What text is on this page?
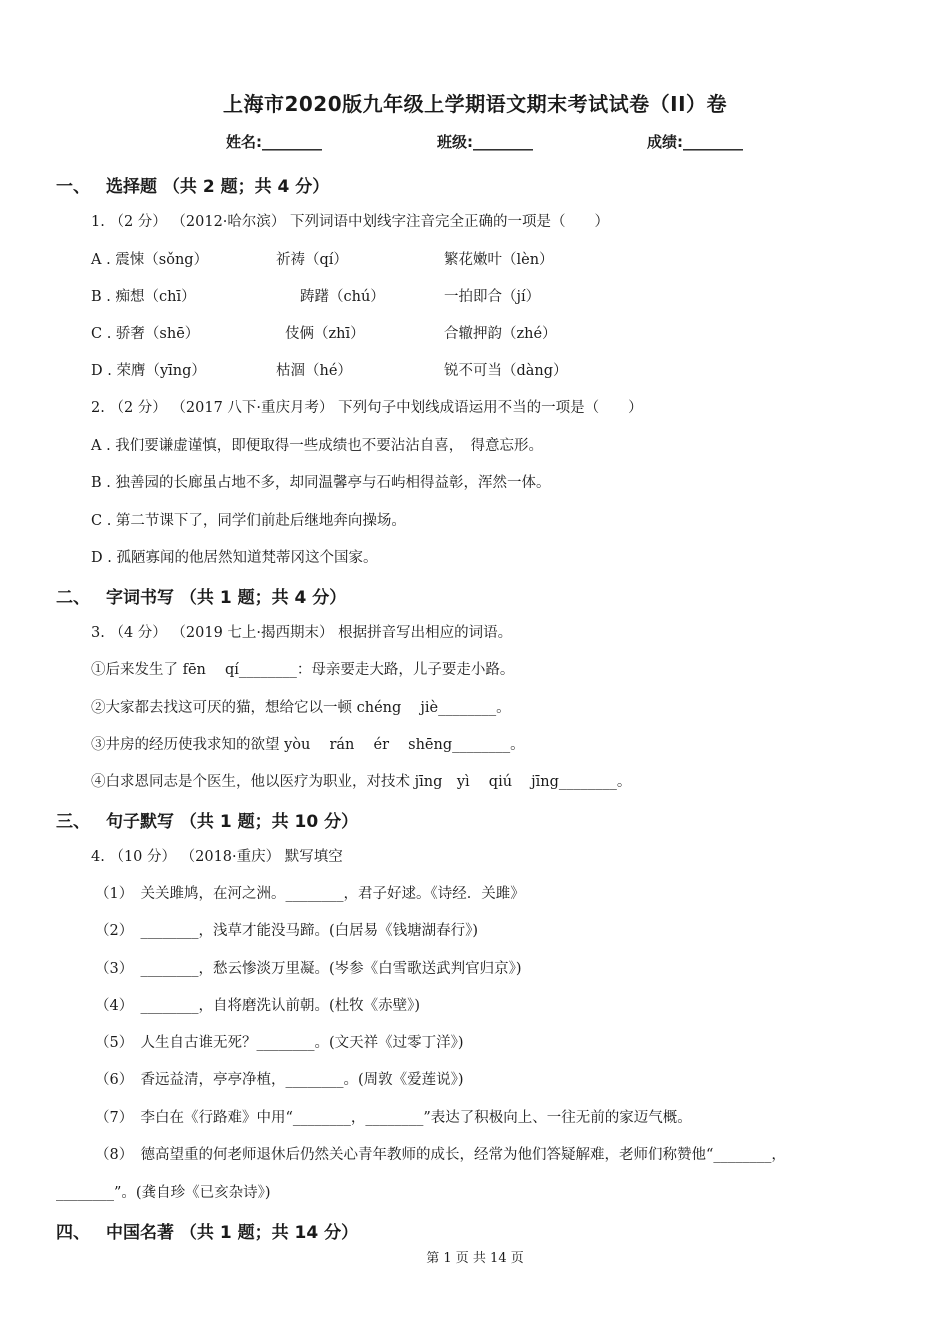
上海市2020版九年级上学期语文期末考试试卷（II）卷
姓名:________	班级:________	成绩:________
一、 选择题 （共 2 题；共 4 分）
1. （2 分） （2012·哈尔滨） 下列词语中划线字注音完全正确的一项是（　　）
A . 震悚（sǒng）	祈祷（qí）	繁花嫩叶（lèn）
B . 痴想（chī）	踌躇（chú）	一拍即合（jí）
C . 骄奢（shē）	伎俩（zhī）	合辙押韵（zhé）
D . 荣膺（yīng）	枯涸（hé）	锐不可当（dàng）
2. （2 分） （2017 八下·重庆月考） 下列句子中划线成语运用不当的一项是（　　）
A . 我们要谦虚谨慎，即便取得一些成绩也不要沾沾自喜，　得意忘形。
B . 独善园的长廊虽占地不多，却同温馨亭与石屿相得益彰，浑然一体。
C . 第二节课下了，同学们前赴后继地奔向操场。
D . 孤陋寡闻的他居然知道梵蒂冈这个国家。
二、 字词书写 （共 1 题；共 4 分）
3. （4 分） （2019 七上·揭西期末） 根据拼音写出相应的词语。
①后来发生了 fēn　 qí________：母亲要走大路，儿子要走小路。
②大家都去找这可厌的猫，想给它以一顿 chéng　 jiè________。
③井房的经历使我求知的欲望 yòu　 rán　 ér　 shēng________。
④白求恩同志是个医生，他以医疗为职业，对技术 jīng　yì　 qiú　 jīng________。
三、 句子默写 （共 1 题；共 10 分）
4. （10 分） （2018·重庆） 默写填空
（1）　关关雎鸠，在河之洲。________，君子好逑。《诗经．关雎》
（2）　________，浅草才能没马蹄。(白居易《钱塘湖春行》)
（3）　________，愁云惨淡万里凝。(岑参《白雪歌送武判官归京》)
（4）　________，自将磨洗认前朝。(杜牧《赤壁》)
（5）　人生自古谁无死？________。(文天祥《过零丁洋》)
（6）　香远益清，亭亭净植，________。(周敦《爱莲说》)
（7）　李白在《行路难》中用“________，________”表达了积极向上、一往无前的家迈气概。
（8）　德高望重的何老师退休后仍然关心青年教师的成长，经常为他们答疑解难，老师们称赞他“________，
________”。(龚自珍《已亥杂诗》)
四、 中国名著 （共 1 题；共 14 分）
第 1 页 共 14 页
